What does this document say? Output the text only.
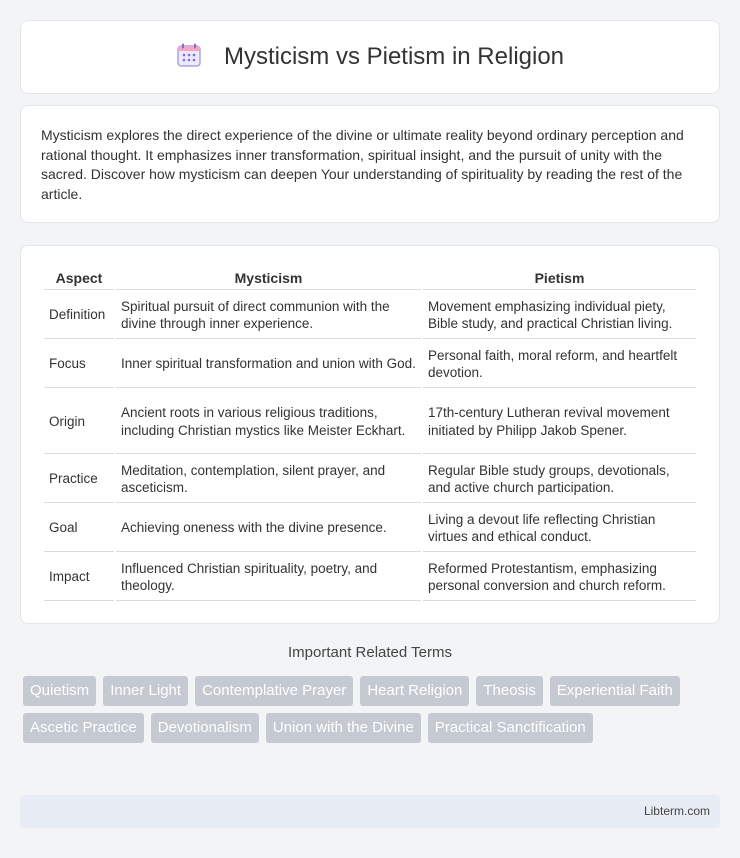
Mysticism vs Pietism in Religion

Mysticism explores the direct experience of the divine or ultimate reality beyond ordinary perception and rational thought. It emphasizes inner transformation, spiritual insight, and the pursuit of unity with the sacred. Discover how mysticism can deepen Your understanding of spirituality by reading the rest of the article.

Aspect	Mysticism	Pietism
Definition	Spiritual pursuit of direct communion with the divine through inner experience.	Movement emphasizing individual piety, Bible study, and practical Christian living.
Focus	Inner spiritual transformation and union with God.	Personal faith, moral reform, and heartfelt devotion.
Origin	Ancient roots in various religious traditions, including Christian mystics like Meister Eckhart.	17th-century Lutheran revival movement initiated by Philipp Jakob Spener.
Practice	Meditation, contemplation, silent prayer, and asceticism.	Regular Bible study groups, devotionals, and active church participation.
Goal	Achieving oneness with the divine presence.	Living a devout life reflecting Christian virtues and ethical conduct.
Impact	Influenced Christian spirituality, poetry, and theology.	Reformed Protestantism, emphasizing personal conversion and church reform.
Important Related Terms
Quietism	Inner Light	Contemplative Prayer	Heart Religion	Theosis	Experiential Faith
Ascetic Practice	Devotionalism	Union with the Divine	Practical Sanctification
Libterm.com
